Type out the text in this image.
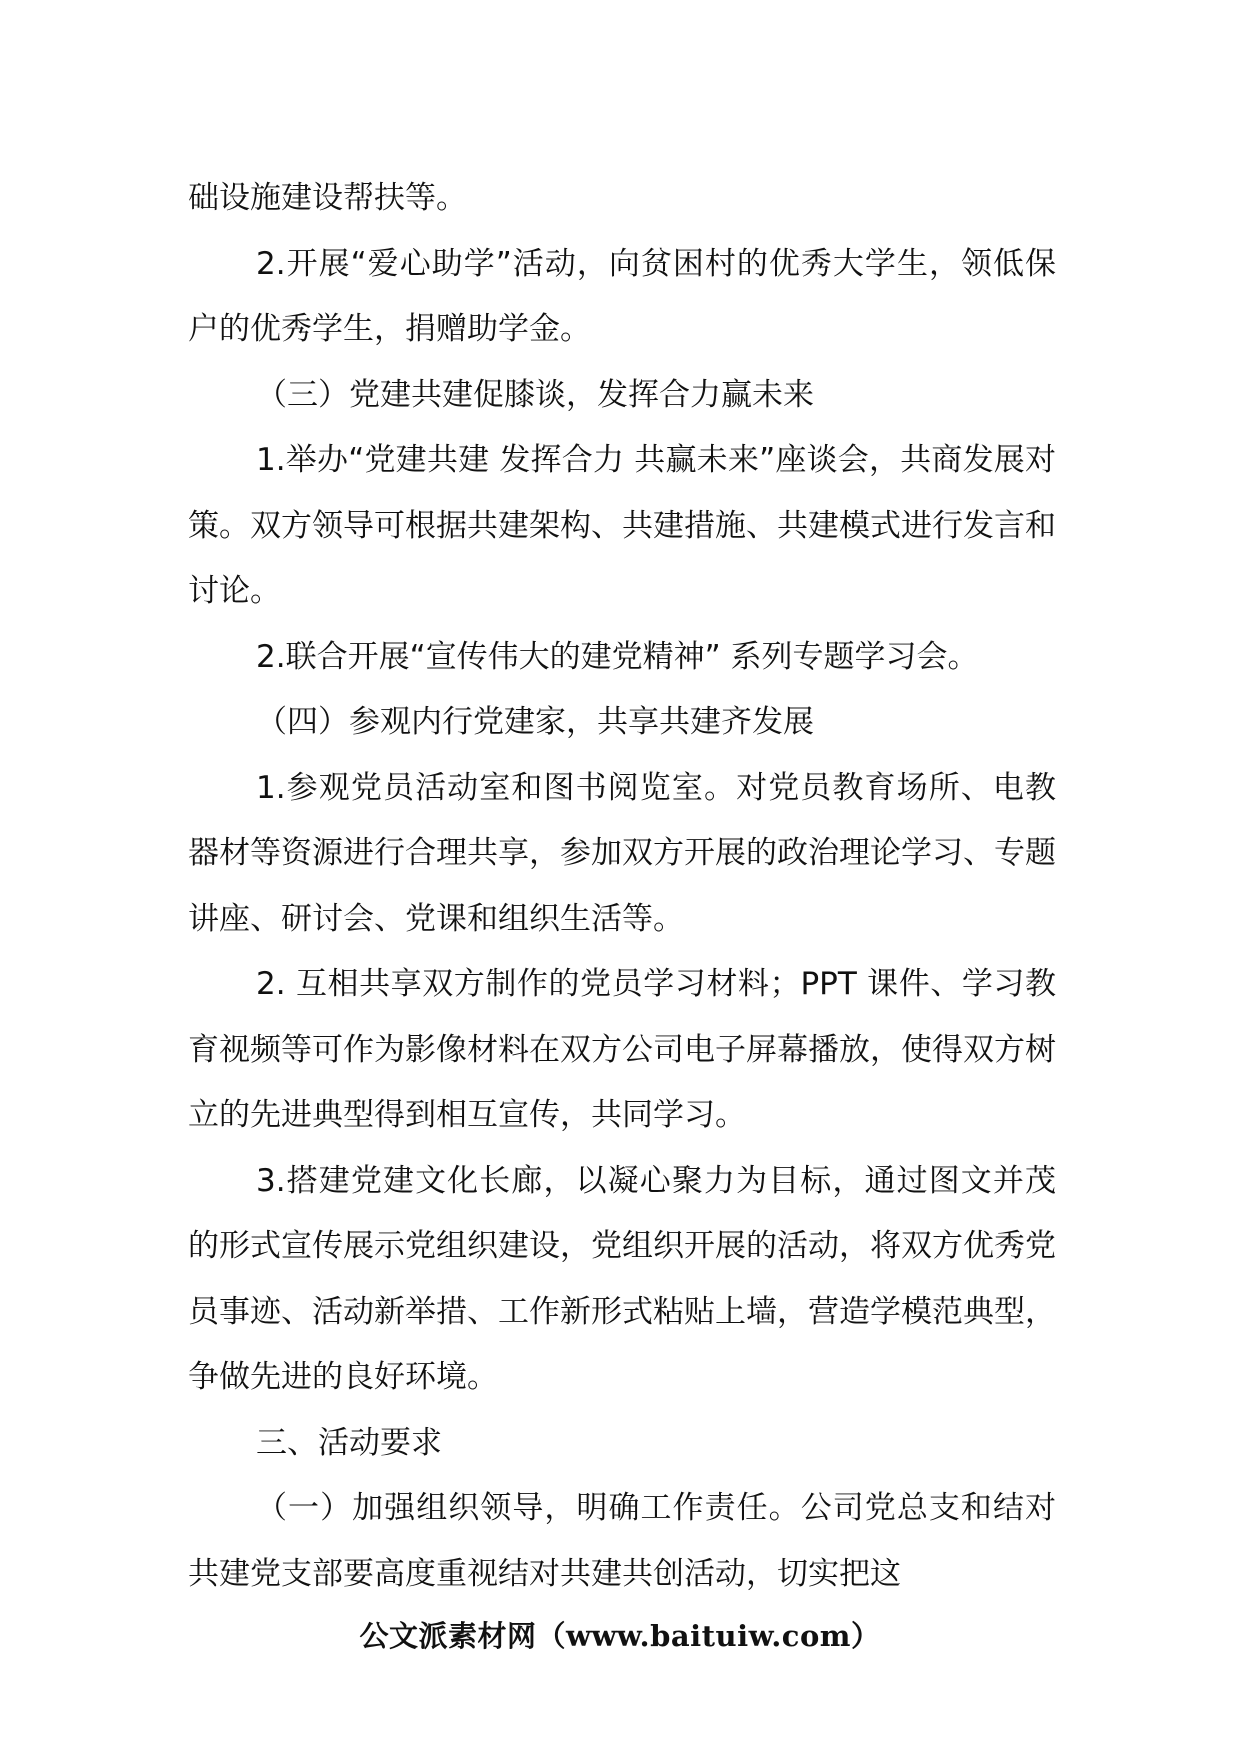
础设施建设帮扶等。

2.开展“爱心助学”活动，向贫困村的优秀大学生，领低保户的优秀学生，捐赠助学金。

（三）党建共建促膝谈，发挥合力赢未来

1.举办“党建共建 发挥合力 共赢未来”座谈会，共商发展对策。双方领导可根据共建架构、共建措施、共建模式进行发言和讨论。

2.联合开展“宣传伟大的建党精神” 系列专题学习会。

（四）参观内行党建家，共享共建齐发展

1.参观党员活动室和图书阅览室。对党员教育场所、电教器材等资源进行合理共享，参加双方开展的政治理论学习、专题讲座、研讨会、党课和组织生活等。

2. 互相共享双方制作的党员学习材料；PPT 课件、学习教育视频等可作为影像材料在双方公司电子屏幕播放，使得双方树立的先进典型得到相互宣传，共同学习。

3.搭建党建文化长廊，以凝心聚力为目标，通过图文并茂的形式宣传展示党组织建设，党组织开展的活动，将双方优秀党员事迹、活动新举措、工作新形式粘贴上墙，营造学模范典型，争做先进的良好环境。

三、活动要求

（一）加强组织领导，明确工作责任。公司党总支和结对共建党支部要高度重视结对共建共创活动，切实把这

公文派素材网（www.baituiw.com）
